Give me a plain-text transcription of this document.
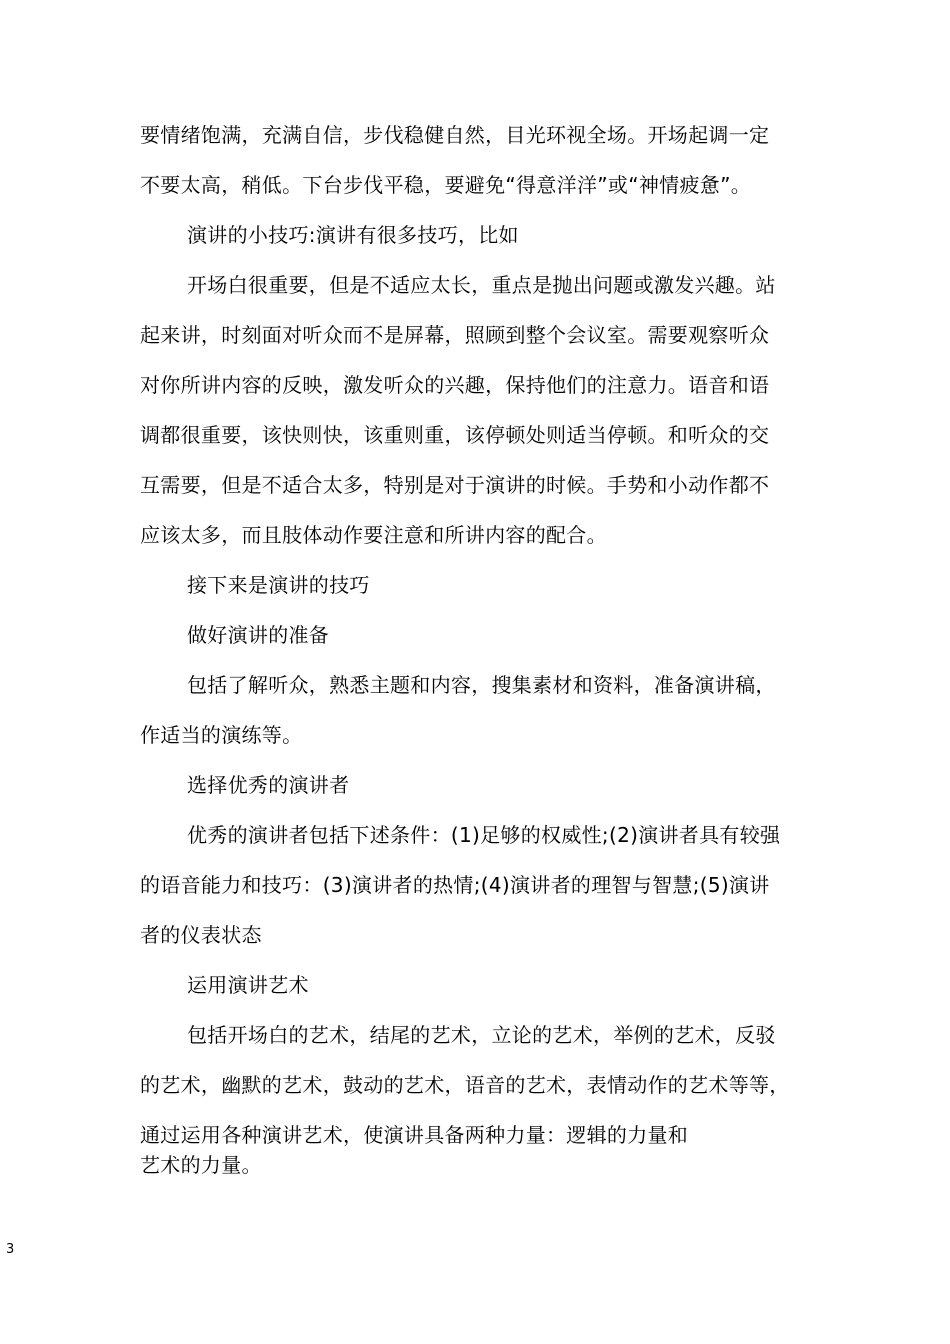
要情绪饱满，充满自信，步伐稳健自然，目光环视全场。开场起调一定
不要太高，稍低。下台步伐平稳，要避免“得意洋洋”或“神情疲惫”。
演讲的小技巧:演讲有很多技巧，比如
开场白很重要，但是不适应太长，重点是抛出问题或激发兴趣。站
起来讲，时刻面对听众而不是屏幕，照顾到整个会议室。需要观察听众
对你所讲内容的反映，激发听众的兴趣，保持他们的注意力。语音和语
调都很重要，该快则快，该重则重，该停顿处则适当停顿。和听众的交
互需要，但是不适合太多，特别是对于演讲的时候。手势和小动作都不
应该太多，而且肢体动作要注意和所讲内容的配合。
接下来是演讲的技巧
做好演讲的准备
包括了解听众，熟悉主题和内容，搜集素材和资料，准备演讲稿，
作适当的演练等。
选择优秀的演讲者
优秀的演讲者包括下述条件：(1)足够的权威性;(2)演讲者具有较强
的语音能力和技巧：(3)演讲者的热情;(4)演讲者的理智与智慧;(5)演讲
者的仪表状态
运用演讲艺术
包括开场白的艺术，结尾的艺术，立论的艺术，举例的艺术，反驳
的艺术，幽默的艺术，鼓动的艺术，语音的艺术，表情动作的艺术等等，
通过运用各种演讲艺术，使演讲具备两种力量：逻辑的力量和
艺术的力量。
3
